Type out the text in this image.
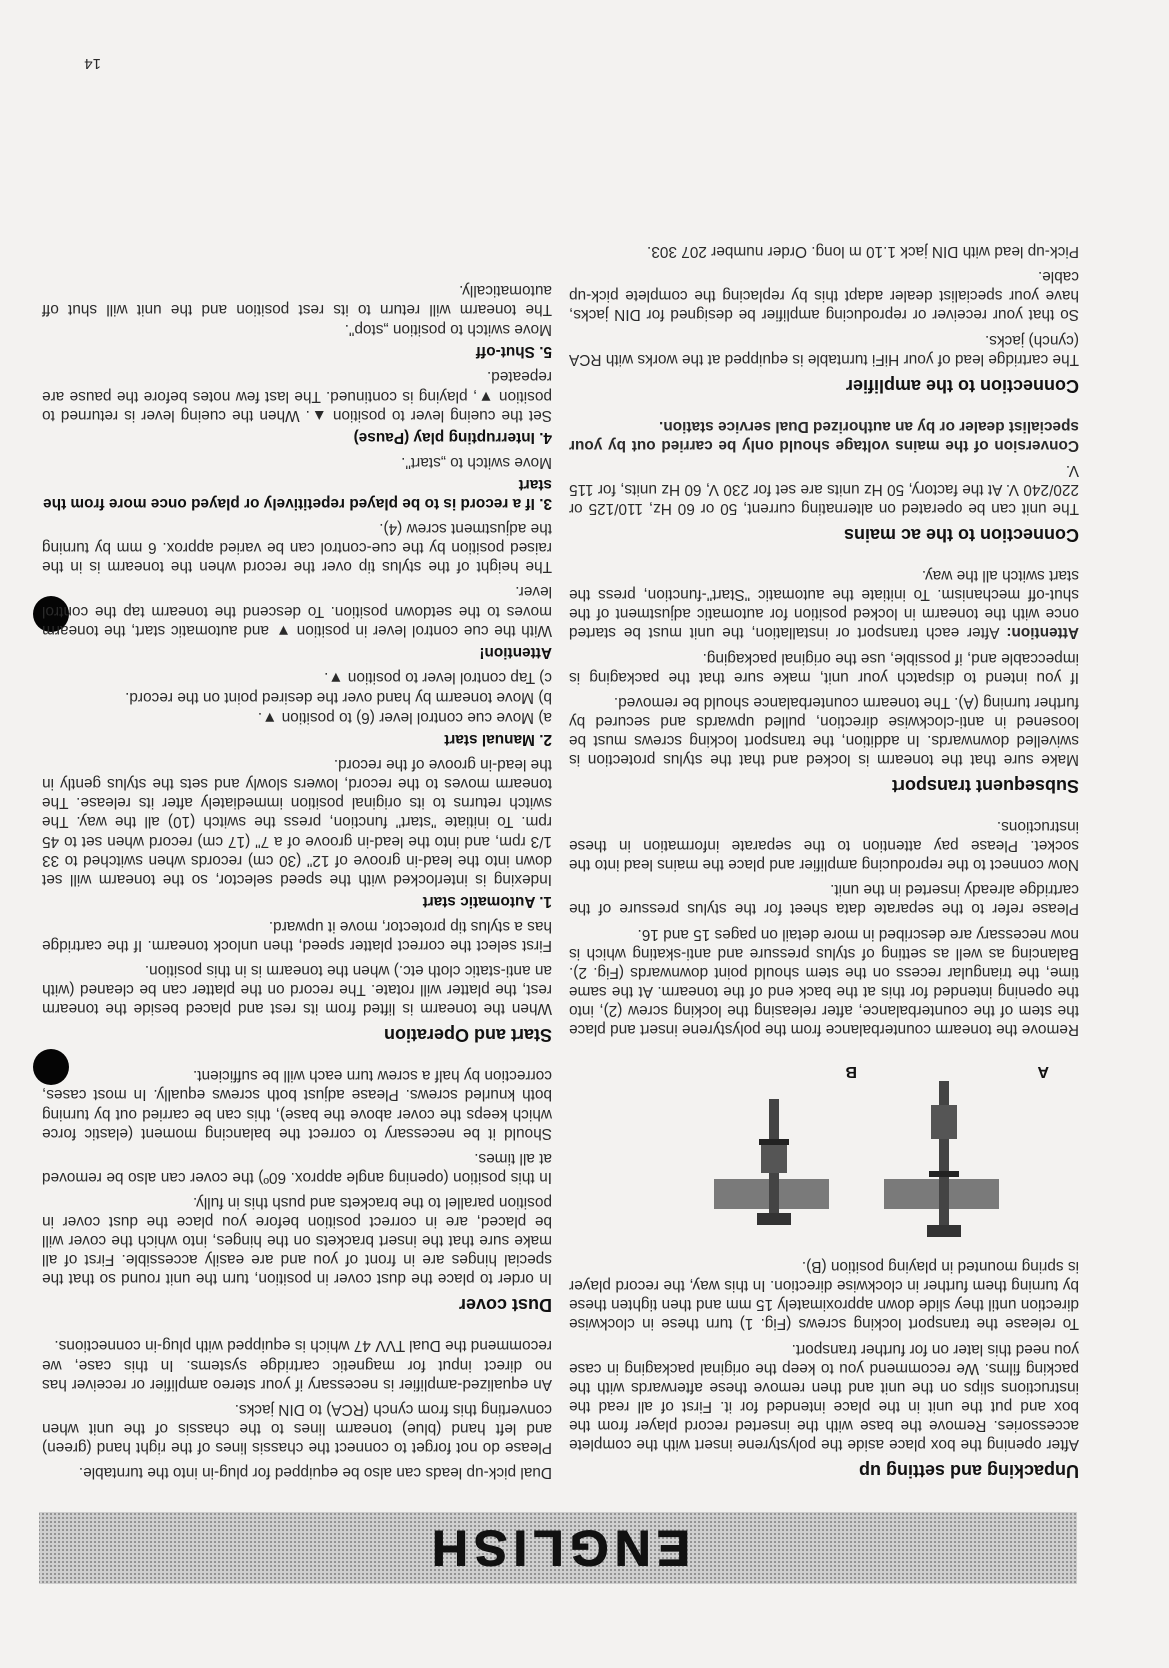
ENGLISH
Unpacking and setting up

After opening the box place aside the polystyrene insert with the complete accessories. Remove the base with the inserted record player from the box and put the unit in the place intended for it. First of all read the instructions slips on the unit and then remove these afterwards with the packing films. We recommend you to keep the original packaging in case you need this later on for further transport.

To release the transport locking screws (Fig. 1) turn these in clockwise direction until they slide down approximately 15 mm and then tighten these by turning them further in clockwise direction. In this way, the record player is spring mounted in playing position (B).

A
B

Remove the tonearm counterbalance from the polystyrene insert and place the stem of the counterbalance, after releasing the locking screw (2), into the opening intended for this at the back end of the tonearm. At the same time, the triangular recess on the stem should point downwards (Fig. 2). Balancing as well as setting of stylus pressure and anti-skating which is now necessary are described in more detail on pages 15 and 16.

Please refer to the separate data sheet for the stylus pressure of the cartridge already inserted in the unit.

Now connect to the reproducing amplifier and place the mains lead into the socket. Please pay attention to the separate information in these instructions.

Subsequent transport

Make sure that the tonearm is locked and that the stylus protection is swivelled downwards. In addition, the transport locking screws must be loosened in anti-clockwise direction, pulled upwards and secured by further turning (A). The tonearm counterbalance should be removed.

If you intend to dispatch your unit, make sure that the packaging is impeccable and, if possible, use the original packaging.

Attention: After each transport or installation, the unit must be started once with the tonearm in locked position for automatic adjustment of the shut-off mechanism. To initiate the automatic "Start"-function, press the start switch all the way.

Connection to the ac mains

The unit can be operated on alternating current, 50 or 60 Hz, 110/125 or 220/240 V. At the factory, 50 Hz units are set for 230 V, 60 Hz units, for 115 V.

Conversion of the mains voltage should only be carried out by your specialist dealer or by an authorized Dual service station.

Connection to the amplifier

The cartridge lead of your HiFi turntable is equipped at the works with RCA (cynch) jacks.

So that your receiver or reproducing amplifier be designed for DIN jacks, have your specialist dealer adapt this by replacing the complete pick-up cable.

Pick-up lead with DIN jack 1.10 m long. Order number 207 303.

Dual pick-up leads can also be equipped for plug-in into the turntable.

Please do not forget to connect the chassis lines of the right hand (green) and left hand (blue) tonearm lines to the chassis of the unit when converting this from cynch (RCA) to DIN jacks.

An equalized-amplifier is necessary if your stereo amplifier or receiver has no direct input for magnetic cartridge systems. In this case, we recommend the Dual TVV 47 which is equipped with plug-in connections.

Dust cover

In order to place the dust cover in position, turn the unit round so that the special hinges are in front of you and are easily accessible. First of all make sure that the insert brackets on the hinges, into which the cover will be placed, are in correct position before you place the dust cover in position parallel to the brackets and push this in fully.

In this position (opening angle approx. 60º) the cover can also be removed at all times.

Should it be necessary to correct the balancing moment (elastic force which keeps the cover above the base), this can be carried out by turning both knurled screws. Please adjust both screws equally. In most cases, correction by half a screw turn each will be sufficient.

Start and Operation

When the tonearm is lifted from its rest and placed beside the tonearm rest, the platter will rotate. The record on the platter can be cleaned (with an anti-static cloth etc.) when the tonearm is in this position.

First select the correct platter speed, then unlock tonearm. If the cartridge has a stylus tip protector, move it upward.

1. Automatic start

Indexing is interlocked with the speed selector, so the tonearm will set down into the lead-in groove of 12" (30 cm) records when switched to 33 1/3 rpm, and into the lead-in groove of a 7" (17 cm) record when set to 45 rpm. To initiate "start" function, press the switch (10) all the way. The switch returns to its original position immediately after its release. The tonearm moves to the record, lowers slowly and sets the stylus gently in the lead-in groove of the record.

2. Manual start

a) Move cue control lever (6) to position ▼.

b) Move tonearm by hand over the desired point on the record.

c) Tap control lever to position ▼.

Attention!

With the cue control lever in position ▼ and automatic start, the tonearm moves to the setdown position. To descend the tonearm tap the control lever.

The height of the stylus tip over the record when the tonearm is in the raised position by the cue-control can be varied approx. 6 mm by turning the adjustment screw (4).

3. If a record is to be played repetitively or played once more from the start

Move switch to „start".

4. Interrupting play (Pause)

Set the cueing lever to position ▲. When the cueing lever is returned to position ▼, playing is continued. The last few notes before the pause are repeated.

5. Shut-off

Move switch to position „stop".

The tonearm will return to its rest position and the unit will shut off automatically.

14
